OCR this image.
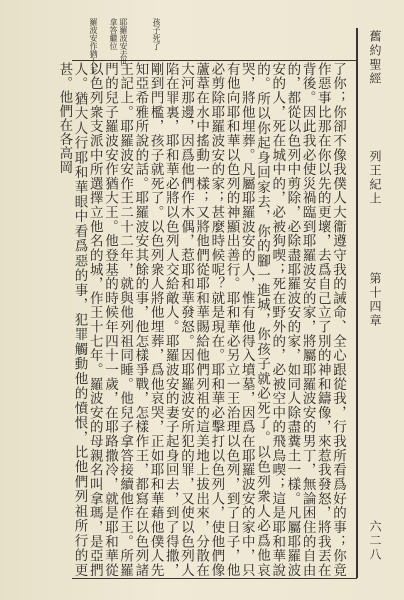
舊約聖經
列王紀上
第十四章
六二八
孩子死了
耶羅波安去世
拿答繼位
羅波安作猶大王

了你；你卻不像我僕人大衞遵守我的誡命、全心跟從我，行我所看爲好的事；你竟作惡事比那在你以先的更壞，去爲自己立了別的神和鑄像，來惹我發怒，將我丟在背後。因此我必使災禍臨到耶羅波安的家，將屬耶羅波安的男丁，無論困住的自由的，都從以色列中剪除，必除盡耶羅波安的家，如同人除盡糞土一樣。凡屬耶羅波安的人，死在城中的，必被狗喫；死在野外的，必被空中的飛鳥喫；這是耶和華說的。所以你起身回家去，你的腳一進城，你孩子就必死了。以色列衆人必爲他哀哭，將他埋葬。凡屬耶羅波安的人，惟有他得入墳墓，因爲在耶羅波安的家中，只有他向耶和華以色列的神顯出善行。耶和華必另立一王治理以色列，到了日子，他必剪除耶羅波安的家；甚麼時候呢？就是現在。耶和華必擊打以色列人，使他們像蘆葦在水中搖動一樣；又將他們從耶和華賜給他們列祖的這美地上拔出來，分散在大河那邊，因爲他們作木偶，惹耶和華發怒。因耶羅波安所犯的罪，又使以色列人陷在罪裏，耶和華必將以色列人交給敵人。耶羅波安的妻子起身回去，到了得撒，剛到門檻，孩子就死了。以色列衆人將他埋葬，爲他哀哭，正如耶和華藉他僕人先知亞希雅所說的話。耶羅波安其餘的事，他怎樣爭戰，怎樣作王，都寫在以色列諸王記上。耶羅波安作王二十二年，就與他列祖同睡。他兒子拿答接續他作王。所羅門的兒子羅波安作猶大王。他登基的時候年四十一歲，在耶路撒冷，就是耶和華從以色列衆支派中所選擇立他名的城，作王十七年。羅波安的母親名叫拿瑪，是亞捫人。猶大人行耶和華眼中看爲惡的事，犯罪觸動他的憤恨，比他們列祖所行的更甚。他們在各高岡
